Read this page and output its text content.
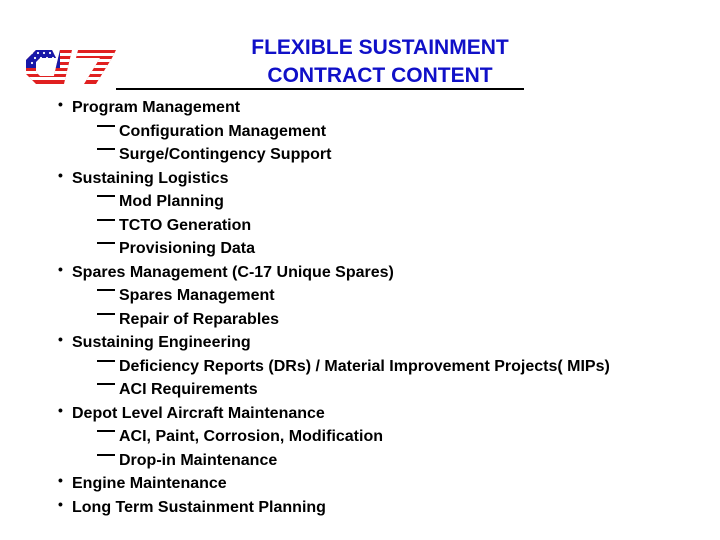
FLEXIBLE SUSTAINMENT
CONTRACT CONTENT
• Program Management
Configuration Management
Surge/Contingency Support
• Sustaining Logistics
Mod Planning
TCTO Generation
Provisioning Data
• Spares Management (C-17 Unique Spares)
Spares Management
Repair of Reparables
• Sustaining Engineering
Deficiency Reports (DRs) / Material Improvement Projects( MIPs)
ACI Requirements
• Depot Level Aircraft Maintenance
ACI, Paint, Corrosion, Modification
Drop-in Maintenance
• Engine Maintenance
• Long Term Sustainment Planning
